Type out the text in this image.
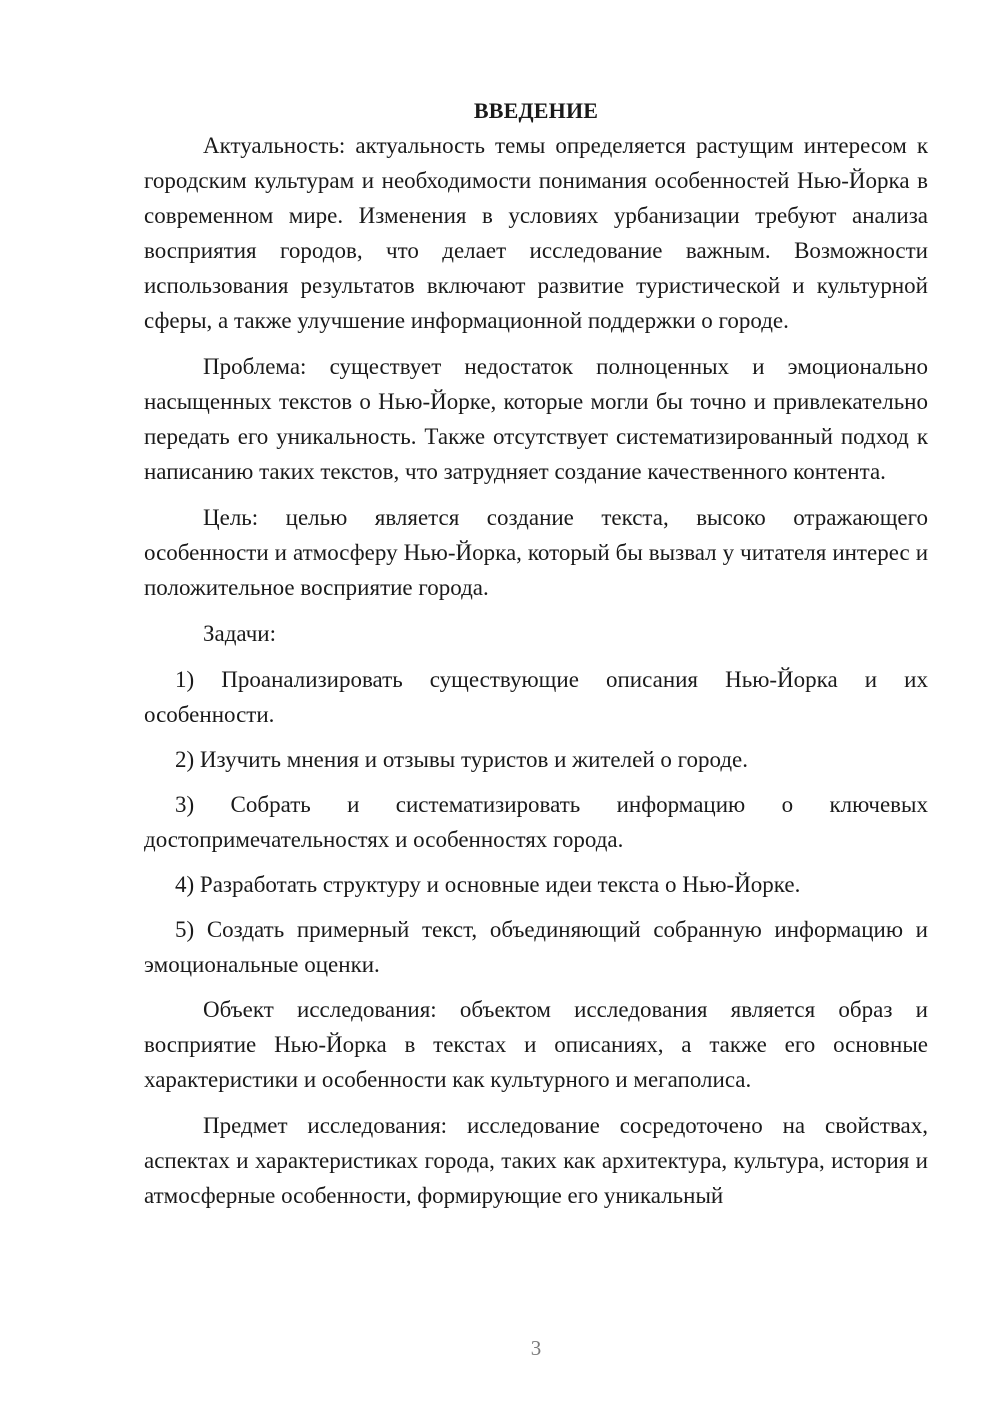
ВВЕДЕНИЕ

Актуальность: актуальность темы определяется растущим интересом к городским культурам и необходимости понимания особенностей Нью-Йорка в современном мире. Изменения в условиях урбанизации требуют анализа восприятия городов, что делает исследование важным. Возможности использования результатов включают развитие туристической и культурной сферы, а также улучшение информационной поддержки о городе.

Проблема: существует недостаток полноценных и эмоционально насыщенных текстов о Нью-Йорке, которые могли бы точно и привлекательно передать его уникальность. Также отсутствует систематизированный подход к написанию таких текстов, что затрудняет создание качественного контента.

Цель: целью является создание текста, высоко отражающего особенности и атмосферу Нью-Йорка, который бы вызвал у читателя интерес и положительное восприятие города.

Задачи:

1) Проанализировать существующие описания Нью-Йорка и их особенности.

2) Изучить мнения и отзывы туристов и жителей о городе.

3) Собрать и систематизировать информацию о ключевых достопримечательностях и особенностях города.

4) Разработать структуру и основные идеи текста о Нью-Йорке.

5) Создать примерный текст, объединяющий собранную информацию и эмоциональные оценки.

Объект исследования: объектом исследования является образ и восприятие Нью-Йорка в текстах и описаниях, а также его основные характеристики и особенности как культурного и мегаполиса.

Предмет исследования: исследование сосредоточено на свойствах, аспектах и характеристиках города, таких как архитектура, культура, история и атмосферные особенности, формирующие его уникальный

3
